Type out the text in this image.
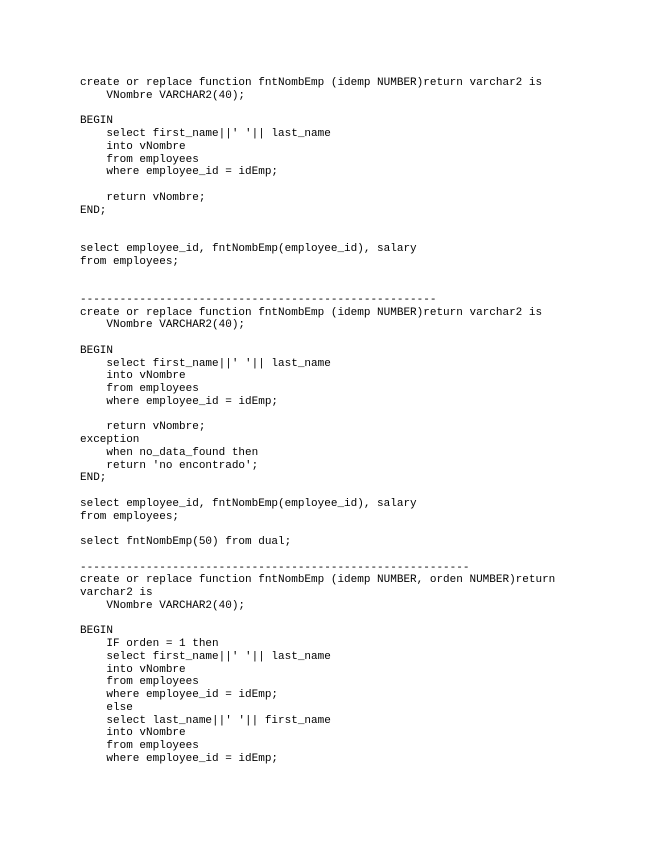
create or replace function fntNombEmp (idemp NUMBER)return varchar2 is
VNombre VARCHAR2(40);
BEGIN
select first_name||' '|| last_name
into vNombre
from employees
where employee_id = idEmp;
return vNombre;
END;
select employee_id, fntNombEmp(employee_id), salary
from employees;
------------------------------------------------------
create or replace function fntNombEmp (idemp NUMBER)return varchar2 is
VNombre VARCHAR2(40);
BEGIN
select first_name||' '|| last_name
into vNombre
from employees
where employee_id = idEmp;
return vNombre;
exception
when no_data_found then
return 'no encontrado';
END;
select employee_id, fntNombEmp(employee_id), salary
from employees;
select fntNombEmp(50) from dual;
-----------------------------------------------------------
create or replace function fntNombEmp (idemp NUMBER, orden NUMBER)return
varchar2 is
VNombre VARCHAR2(40);
BEGIN
IF orden = 1 then
select first_name||' '|| last_name
into vNombre
from employees
where employee_id = idEmp;
else
select last_name||' '|| first_name
into vNombre
from employees
where employee_id = idEmp;
